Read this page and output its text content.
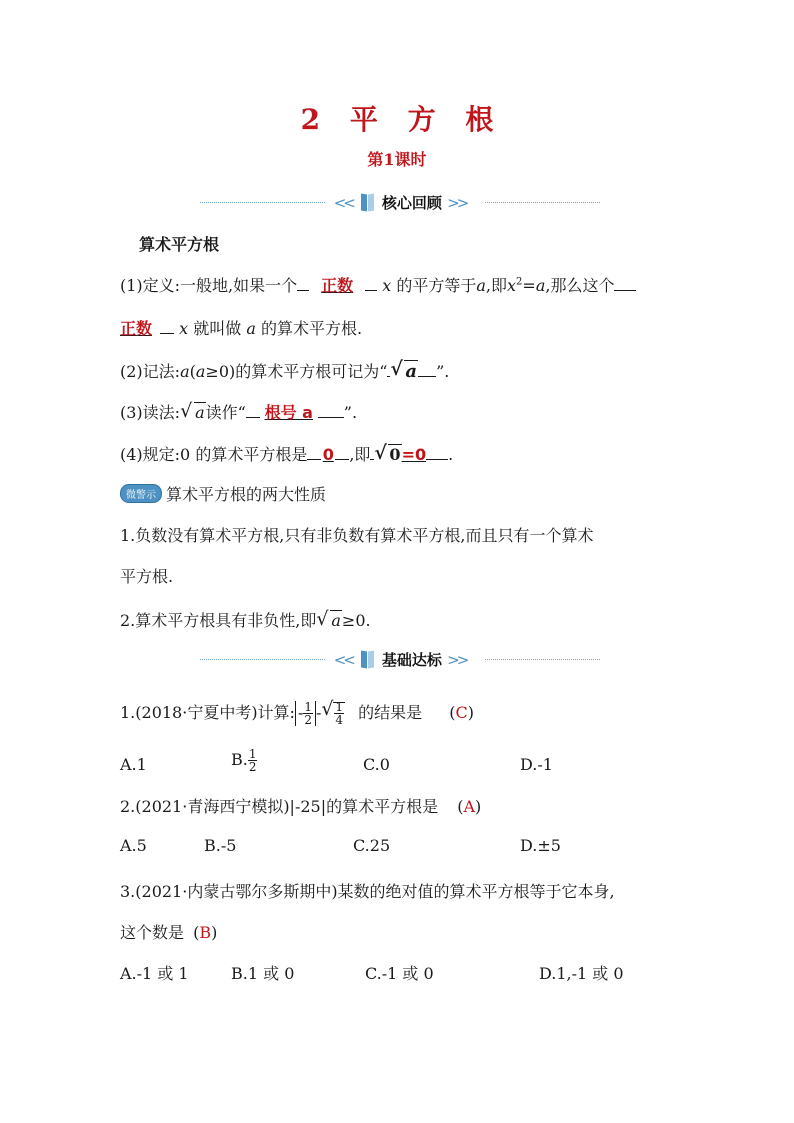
2 平 方 根
第1课时
<< 核心回顾 >>
算术平方根
(1)定义:一般地,如果一个 正数 x 的平方等于a,即$x^2=a$,那么这个
正数 x 就叫做 a 的算术平方根.
(2)记法:a(a≥0)的算术平方根可记为“ √ a ”.
(3)读法: √ a读作“ 根号 a ”.
(4)规定:0 的算术平方根是 0 ,即 √ 0=0 .
微警示 算术平方根的两大性质
1.负数没有算术平方根,只有非负数有算术平方根,而且只有一个算术
平方根.
2.算术平方根具有非负性,即 √ a≥0.
<< 基础达标 >>
1.(2018·宁夏中考)计算: - $\frac{1}{2}$ - √ $\frac{1}{4}$ 的结果是 (C)
A.1	B. $\frac{1}{2}$	C.0	D.-1
2.(2021·青海西宁模拟)|-25|的算术平方根是 (A)
A.5	B.-5	C.25	D.±5
3.(2021·内蒙古鄂尔多斯期中)某数的绝对值的算术平方根等于它本身,
这个数是 (B)
A.-1 或 1	B.1 或 0	C.-1 或 0	D.1,-1 或 0
